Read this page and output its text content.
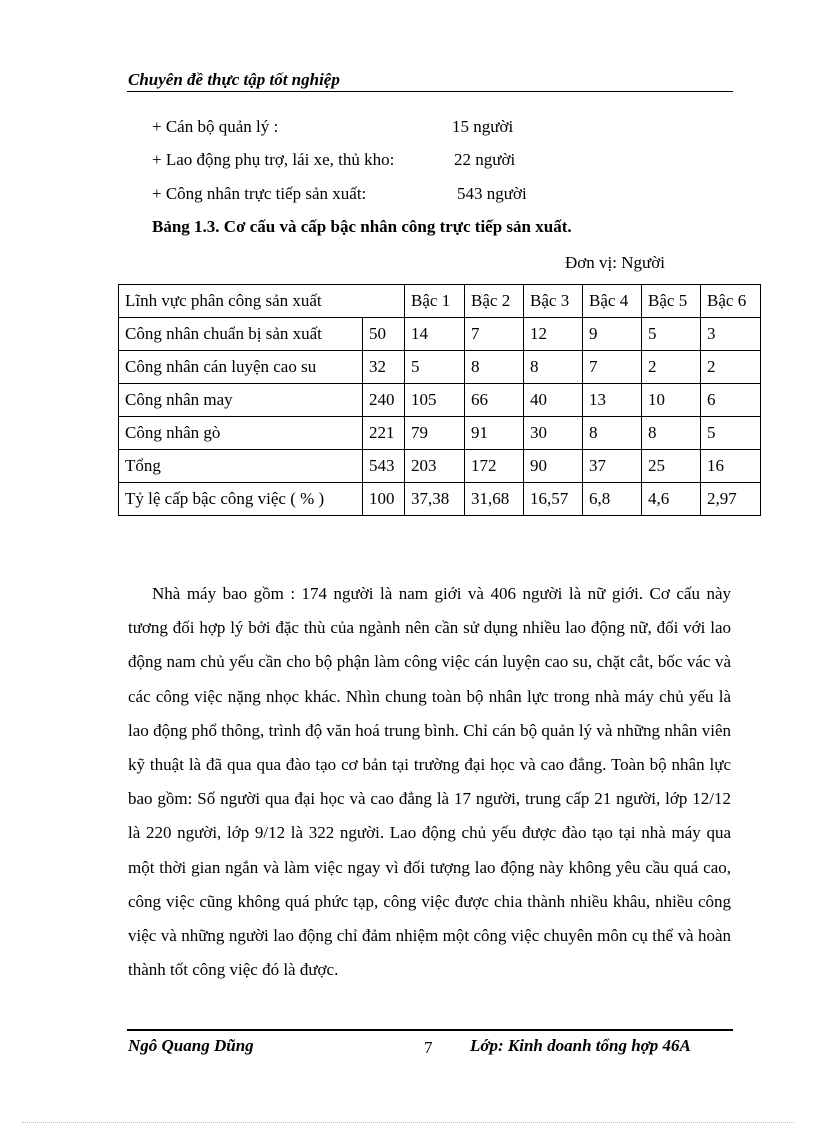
Chuyên đề thực tập tốt nghiệp
+ Cán bộ quản lý :	15 người
+ Lao động phụ trợ, lái xe, thủ kho:	22 người
+ Công nhân trực tiếp sản xuất:	543 người
Bảng 1.3. Cơ cấu và cấp bậc nhân công trực tiếp sản xuất.
Đơn vị: Người
Lĩnh vực phân công sản xuất		Bậc 1	Bậc 2	Bậc 3	Bậc 4	Bậc 5	Bậc 6
Công nhân chuẩn bị sản xuất	50	14	7	12	9	5	3
Công nhân cán luyện cao su	32	5	8	8	7	2	2
Công nhân may	240	105	66	40	13	10	6
Công nhân gò	221	79	91	30	8	8	5
Tổng	543	203	172	90	37	25	16
Tỷ lệ cấp bậc công việc ( % )	100	37,38	31,68	16,57	6,8	4,6	2,97

Nhà máy bao gồm : 174 người là nam giới và 406 người là nữ giới. Cơ cấu này tương đối hợp lý bởi đặc thù của ngành nên cần sử dụng nhiều lao động nữ, đối với lao động nam chủ yếu cần cho bộ phận làm công việc cán luyện cao su, chặt cắt, bốc vác và các công việc nặng nhọc khác. Nhìn chung toàn bộ nhân lực trong nhà máy chủ yếu là lao động phổ thông, trình độ văn hoá trung bình. Chỉ cán bộ quản lý và những nhân viên kỹ thuật là đã qua qua đào tạo cơ bản tại trường đại học và cao đẳng. Toàn bộ nhân lực bao gồm: Số người qua đại học và cao đẳng là 17 người, trung cấp 21 người, lớp 12/12 là 220 người, lớp 9/12 là 322 người. Lao động chủ yếu được đào tạo tại nhà máy qua một thời gian ngắn và làm việc ngay vì đối tượng lao động này không yêu cầu quá cao, công việc cũng không quá phức tạp, công việc được chia thành nhiều khâu, nhiều công việc và những người lao động chỉ đảm nhiệm một công việc chuyên môn cụ thể và hoàn thành tốt công việc đó là được.

Ngô Quang Dũng	7 Lớp: Kinh doanh tổng hợp 46A
